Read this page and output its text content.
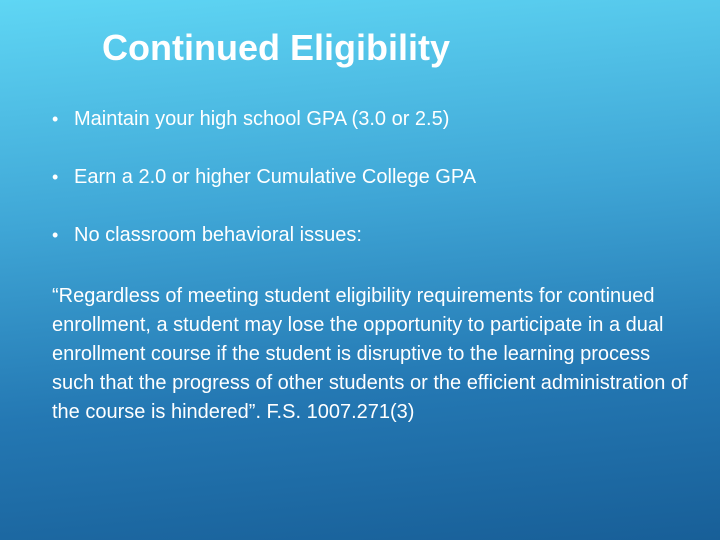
Continued Eligibility
• Maintain your high school GPA (3.0 or 2.5)
• Earn a 2.0 or higher Cumulative College GPA
• No classroom behavioral issues:

“Regardless of meeting student eligibility requirements for continued enrollment, a student may lose the opportunity to participate in a dual enrollment course if the student is disruptive to the learning process such that the progress of other students or the efficient administration of the course is hindered”. F.S. 1007.271(3)
